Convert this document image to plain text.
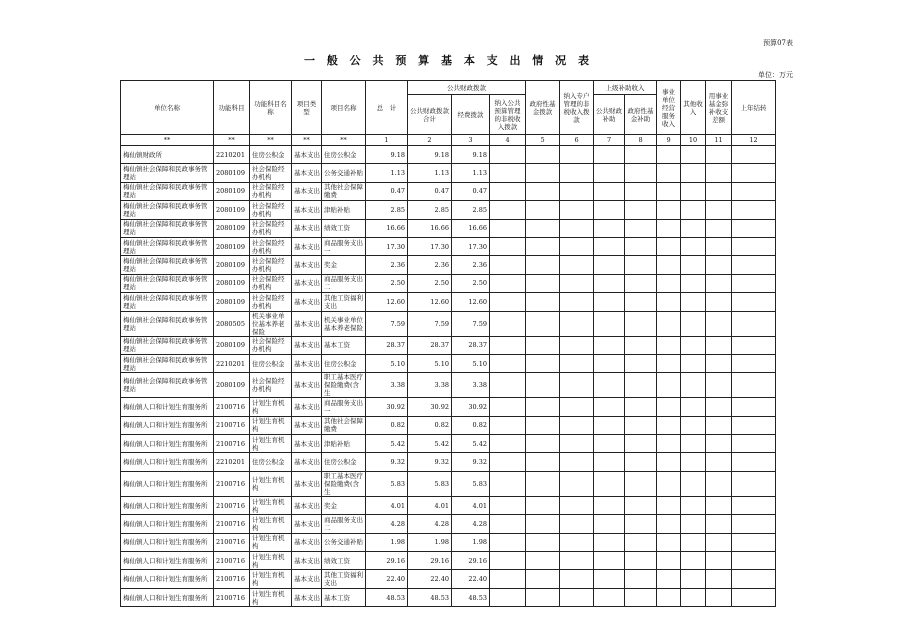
预算07表
一 般 公 共 预 算 基 本 支 出 情 况 表
单位：万元
单位名称	功能科目	功能科目名称	项目类型	项目名称	总　计	公共财政拨款			政府性基金拨款	纳入专户管理的非税收入拨款	上级补助收入		事业单位经营服务收入	其他收入	用事业基金弥补收支差额	上年结转
						公共财政拨款合计	经费拨款	纳入公共预算管理的非税收入拨款			公共财政补助	政府性基金补助				
**	**	**	**	**	1	2	3	4	5	6	7	8	9	10	11	12
梅仙镇财政所	2210201	住房公积金	基本支出	住房公积金	9.18	9.18	9.18									
梅仙镇社会保障和民政事务管理站	2080109	社会保险经办机构	基本支出	公务交通补贴	1.13	1.13	1.13									
梅仙镇社会保障和民政事务管理站	2080109	社会保险经办机构	基本支出	其他社会保障缴费	0.47	0.47	0.47									
梅仙镇社会保障和民政事务管理站	2080109	社会保险经办机构	基本支出	津贴补贴	2.85	2.85	2.85									
梅仙镇社会保障和民政事务管理站	2080109	社会保险经办机构	基本支出	绩效工资	16.66	16.66	16.66									
梅仙镇社会保障和民政事务管理站	2080109	社会保险经办机构	基本支出	商品服务支出一	17.30	17.30	17.30									
梅仙镇社会保障和民政事务管理站	2080109	社会保险经办机构	基本支出	奖金	2.36	2.36	2.36									
梅仙镇社会保障和民政事务管理站	2080109	社会保险经办机构	基本支出	商品服务支出二	2.50	2.50	2.50									
梅仙镇社会保障和民政事务管理站	2080109	社会保险经办机构	基本支出	其他工资福利支出	12.60	12.60	12.60									
梅仙镇社会保障和民政事务管理站	2080505	机关事业单位基本养老保险	基本支出	机关事业单位基本养老保险	7.59	7.59	7.59									
梅仙镇社会保障和民政事务管理站	2080109	社会保险经办机构	基本支出	基本工资	28.37	28.37	28.37									
梅仙镇社会保障和民政事务管理站	2210201	住房公积金	基本支出	住房公积金	5.10	5.10	5.10									
梅仙镇社会保障和民政事务管理站	2080109	社会保险经办机构	基本支出	职工基本医疗保险缴费(含生	3.38	3.38	3.38									
梅仙镇人口和计划生育服务所	2100716	计划生育机构	基本支出	商品服务支出一	30.92	30.92	30.92									
梅仙镇人口和计划生育服务所	2100716	计划生育机构	基本支出	其他社会保障缴费	0.82	0.82	0.82									
梅仙镇人口和计划生育服务所	2100716	计划生育机构	基本支出	津贴补贴	5.42	5.42	5.42									
梅仙镇人口和计划生育服务所	2210201	住房公积金	基本支出	住房公积金	9.32	9.32	9.32									
梅仙镇人口和计划生育服务所	2100716	计划生育机构	基本支出	职工基本医疗保险缴费(含生	5.83	5.83	5.83									
梅仙镇人口和计划生育服务所	2100716	计划生育机构	基本支出	奖金	4.01	4.01	4.01									
梅仙镇人口和计划生育服务所	2100716	计划生育机构	基本支出	商品服务支出二	4.28	4.28	4.28									
梅仙镇人口和计划生育服务所	2100716	计划生育机构	基本支出	公务交通补贴	1.98	1.98	1.98									
梅仙镇人口和计划生育服务所	2100716	计划生育机构	基本支出	绩效工资	29.16	29.16	29.16									
梅仙镇人口和计划生育服务所	2100716	计划生育机构	基本支出	其他工资福利支出	22.40	22.40	22.40									
梅仙镇人口和计划生育服务所	2100716	计划生育机构	基本支出	基本工资	48.53	48.53	48.53									
